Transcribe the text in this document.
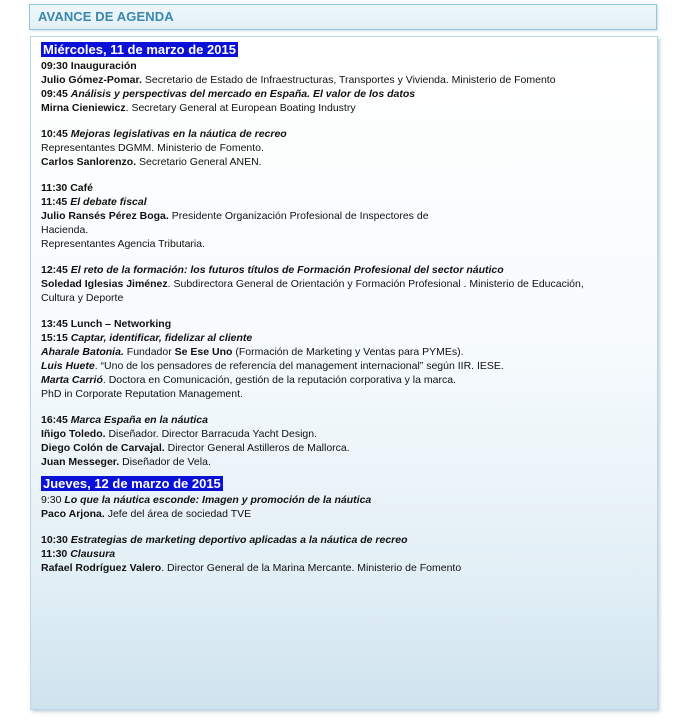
AVANCE DE AGENDA
Miércoles, 11 de marzo de 2015
09:30 Inauguración
Julio Gómez-Pomar. Secretario de Estado de Infraestructuras, Transportes y Vivienda. Ministerio de Fomento
09:45 Análisis y perspectivas del mercado en España. El valor de los datos
Mirna Cieniewicz. Secretary General at European Boating Industry
10:45 Mejoras legislativas en la náutica de recreo
Representantes DGMM. Ministerio de Fomento.
Carlos Sanlorenzo. Secretario General ANEN.
11:30 Café
11:45 El debate fiscal
Julio Ransés Pérez Boga. Presidente Organización Profesional de Inspectores de
Hacienda.
Representantes Agencia Tributaria.
12:45 El reto de la formación: los futuros títulos de Formación Profesional del sector náutico
Soledad Iglesias Jiménez. Subdirectora General de Orientación y Formación Profesional . Ministerio de Educación,
Cultura y Deporte
13:45 Lunch – Networking
15:15 Captar, identificar, fidelizar al cliente
Aharale Batonia. Fundador Se Ese Uno (Formación de Marketing y Ventas para PYMEs).
Luis Huete. “Uno de los pensadores de referencia del management internacional” según IIR. IESE.
Marta Carrió. Doctora en Comunicación, gestión de la reputación corporativa y la marca.
PhD in Corporate Reputation Management.
16:45 Marca España en la náutica
Iñigo Toledo. Diseñador. Director Barracuda Yacht Design.
Diego Colón de Carvajal. Director General Astilleros de Mallorca.
Juan Messeger. Diseñador de Vela.
Jueves, 12 de marzo de 2015
9:30 Lo que la náutica esconde: Imagen y promoción de la náutica
Paco Arjona. Jefe del área de sociedad TVE
10:30 Estrategias de marketing deportivo aplicadas a la náutica de recreo
11:30 Clausura
Rafael Rodríguez Valero. Director General de la Marina Mercante. Ministerio de Fomento
